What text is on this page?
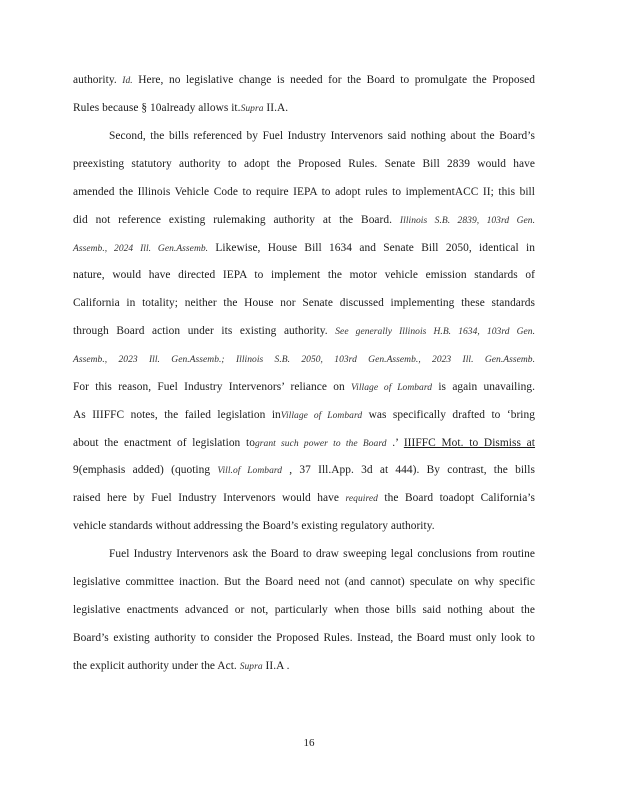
authority. Id. Here, no legislative change is needed for the Board to promulgate the Proposed
Rules because § 10already allows it.Supra II.A.
Second, the bills referenced by Fuel Industry Intervenors said nothing about the Board’s
preexisting statutory authority to adopt the Proposed Rules. Senate Bill 2839 would have
amended the Illinois Vehicle Code to require IEPA to adopt rules to implementACC II; this bill
did not reference existing rulemaking authority at the Board. Illinois S.B. 2839, 103rd Gen.
Assemb., 2024 Ill. Gen.Assemb. Likewise, House Bill 1634 and Senate Bill 2050, identical in
nature, would have directed IEPA to implement the motor vehicle emission standards of
California in totality; neither the House nor Senate discussed implementing these standards
through Board action under its existing authority. See generally Illinois H.B. 1634, 103rd Gen.
Assemb., 2023 Ill. Gen.Assemb.; Illinois S.B. 2050, 103rd Gen.Assemb., 2023 Ill. Gen.Assemb.
For this reason, Fuel Industry Intervenors’ reliance on Village of Lombard is again unavailing.
As IIIFFC notes, the failed legislation inVillage of Lombard was specifically drafted to ‘bring
about the enactment of legislation togrant such power to the Board .’ IIIFFC Mot. to Dismiss at
9(emphasis added) (quoting Vill.of Lombard , 37 Ill.App. 3d at 444). By contrast, the bills
raised here by Fuel Industry Intervenors would have required the Board toadopt California’s
vehicle standards without addressing the Board’s existing regulatory authority.
Fuel Industry Intervenors ask the Board to draw sweeping legal conclusions from routine
legislative committee inaction. But the Board need not (and cannot) speculate on why specific
legislative enactments advanced or not, particularly when those bills said nothing about the
Board’s existing authority to consider the Proposed Rules. Instead, the Board must only look to
the explicit authority under the Act. Supra II.A .
16
